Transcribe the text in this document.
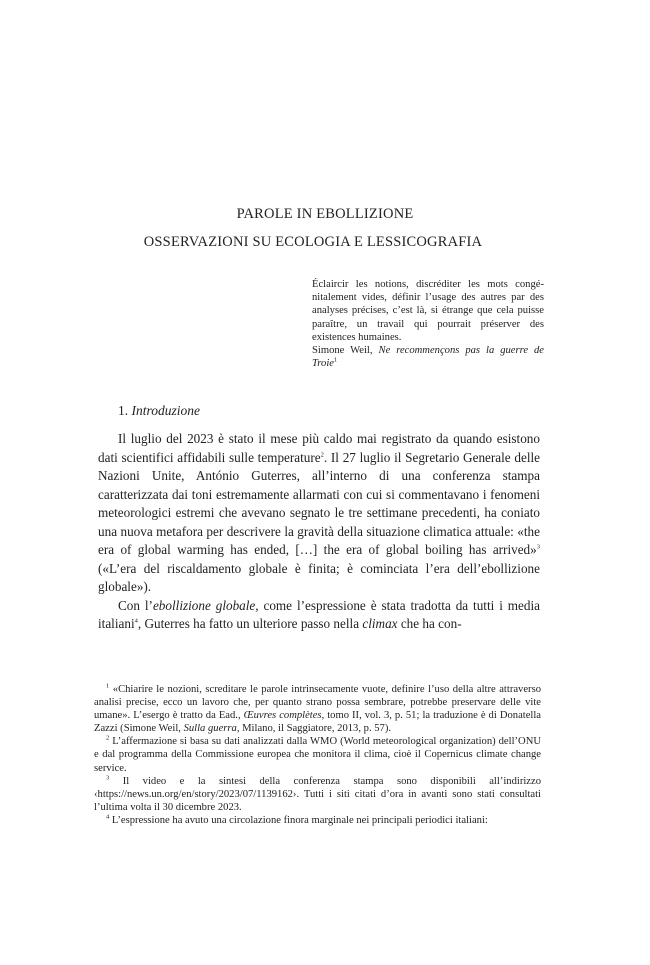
PAROLE IN EBOLLIZIONE
OSSERVAZIONI SU ECOLOGIA E LESSICOGRAFIA
Éclaircir les notions, discréditer les mots congénitalement vides, définir l’usage des autres par des analyses précises, c’est là, si étrange que cela puisse paraître, un travail qui pourrait préserver des existences humaines.
Simone Weil, Ne recommençons pas la guerre de Troie$^1$
1. Introduzione

Il luglio del 2023 è stato il mese più caldo mai registrato da quando esistono dati scientifici affidabili sulle temperature$^2$. Il 27 luglio il Segretario Generale delle Nazioni Unite, António Guterres, all’interno di una conferenza stampa caratterizzata dai toni estremamente allarmati con cui si commentavano i fenomeni meteorologici estremi che avevano segnato le tre settimane precedenti, ha coniato una nuova metafora per descrivere la gravità della situazione climatica attuale: «the era of global warming has ended, […] the era of global boiling has arrived»$^3$ («L’era del riscaldamento globale è finita; è cominciata l’era dell’ebollizione globale»).

Con l’ebollizione globale, come l’espressione è stata tradotta da tutti i media italiani$^4$, Guterres ha fatto un ulteriore passo nella climax che ha con-

$^1$ «Chiarire le nozioni, screditare le parole intrinsecamente vuote, definire l’uso della altre attraverso analisi precise, ecco un lavoro che, per quanto strano possa sembrare, potrebbe preservare delle vite umane». L’esergo è tratto da Ead., Œuvres complètes, tomo II, vol. 3, p. 51; la traduzione è di Donatella Zazzi (Simone Weil, Sulla guerra, Milano, il Saggiatore, 2013, p. 57).

$^2$ L’affermazione si basa su dati analizzati dalla WMO (World meteorological organization) dell’ONU e dal programma della Commissione europea che monitora il clima, cioè il Copernicus climate change service.

$^3$ Il video e la sintesi della conferenza stampa sono disponibili all’indirizzo ‹https://news.un.org/en/story/2023/07/1139162›. Tutti i siti citati d’ora in avanti sono stati consultati l’ultima volta il 30 dicembre 2023.

$^4$ L’espressione ha avuto una circolazione finora marginale nei principali periodici italiani:
